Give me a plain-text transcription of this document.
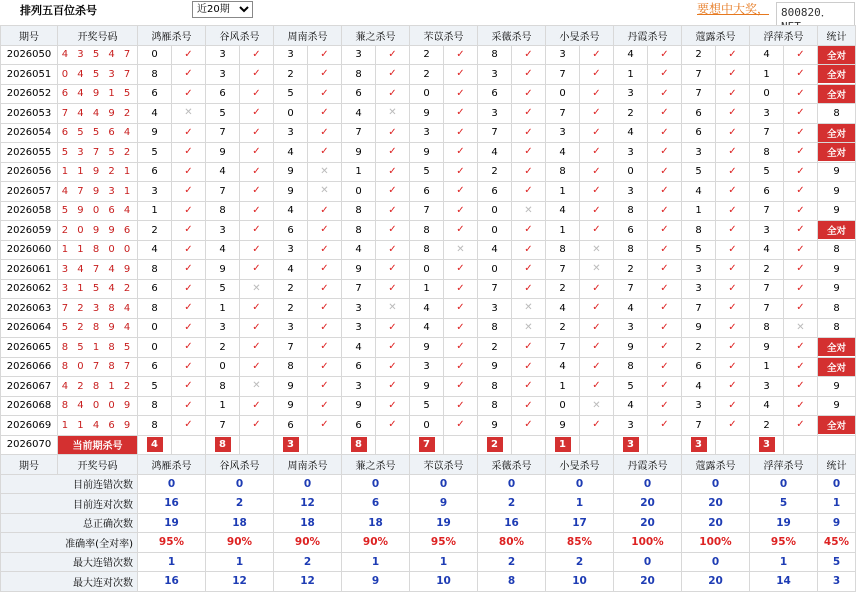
排列五百位杀号
近20期	要想中大奖，	800820．
期号	开奖号码	鸿雁杀号		谷风杀号		周南杀号		蒹之杀号		芣苡杀号		采薇杀号		小旻杀号		丹霞杀号		蔻露杀号		浮萍杀号		统计
2026050	4 3 5 4 7	0	✓	3	✓	3	✓	3	✓	2	✓	8	✓	3	✓	4	✓	2	✓	4	✓	全对
2026051	0 4 5 3 7	8	✓	3	✓	2	✓	8	✓	2	✓	3	✓	7	✓	1	✓	7	✓	1	✓	全对
2026052	6 4 9 1 5	6	✓	6	✓	5	✓	6	✓	0	✓	6	✓	0	✓	3	✓	7	✓	0	✓	全对
2026053	7 4 4 9 2	4	✕	5	✓	0	✓	4	✕	9	✓	3	✓	7	✓	2	✓	6	✓	3	✓	8
2026054	6 5 5 6 4	9	✓	7	✓	3	✓	7	✓	3	✓	7	✓	3	✓	4	✓	6	✓	7	✓	全对
2026055	5 3 7 5 2	5	✓	9	✓	4	✓	9	✓	9	✓	4	✓	4	✓	3	✓	3	✓	8	✓	全对
2026056	1 1 9 2 1	6	✓	4	✓	9	✕	1	✓	5	✓	2	✓	8	✓	0	✓	5	✓	5	✓	9
2026057	4 7 9 3 1	3	✓	7	✓	9	✕	0	✓	6	✓	6	✓	1	✓	3	✓	4	✓	6	✓	9
2026058	5 9 0 6 4	1	✓	8	✓	4	✓	8	✓	7	✓	0	✕	4	✓	8	✓	1	✓	7	✓	9
2026059	2 0 9 9 6	2	✓	3	✓	6	✓	8	✓	8	✓	0	✓	1	✓	6	✓	8	✓	3	✓	全对
2026060	1 1 8 0 0	4	✓	4	✓	3	✓	4	✓	8	✕	4	✓	8	✕	8	✓	5	✓	4	✓	8
2026061	3 4 7 4 9	8	✓	9	✓	4	✓	9	✓	0	✓	0	✓	7	✕	2	✓	3	✓	2	✓	9
2026062	3 1 5 4 2	6	✓	5	✕	2	✓	7	✓	1	✓	7	✓	2	✓	7	✓	3	✓	7	✓	9
2026063	7 2 3 8 4	8	✓	1	✓	2	✓	3	✕	4	✓	3	✕	4	✓	4	✓	7	✓	7	✓	8
2026064	5 2 8 9 4	0	✓	3	✓	3	✓	3	✓	4	✓	8	✕	2	✓	3	✓	9	✓	8	✕	8
2026065	8 5 1 8 5	0	✓	2	✓	7	✓	4	✓	9	✓	2	✓	7	✓	9	✓	2	✓	9	✓	全对
2026066	8 0 7 8 7	6	✓	0	✓	8	✓	6	✓	3	✓	9	✓	4	✓	8	✓	6	✓	1	✓	全对
2026067	4 2 8 1 2	5	✓	8	✕	9	✓	3	✓	9	✓	8	✓	1	✓	5	✓	4	✓	3	✓	9
2026068	8 4 0 0 9	8	✓	1	✓	9	✓	9	✓	5	✓	8	✓	0	✕	4	✓	3	✓	4	✓	9
2026069	1 1 4 6 9	8	✓	7	✓	6	✓	6	✓	0	✓	9	✓	9	✓	3	✓	7	✓	2	✓	全对
2026070	当前期杀号	4		8		3		8		7		2		1		3		3		3		
期号	开奖号码	鸿雁杀号		谷风杀号		周南杀号		蒹之杀号		芣苡杀号		采薇杀号		小旻杀号		丹霞杀号		蔻露杀号		浮萍杀号		统计
目前连错次数		0		0		0		0		0		0		0		0		0		0		0
目前连对次数		16		2		12		6		9		2		1		20		20		5		1
总正确次数		19		18		18		18		19		16		17		20		20		19		9
准确率(全对率)		95%		90%		90%		90%		95%		80%		85%		100%		100%		95%		45%
最大连错次数		1		1		2		1		1		2		2		0		0		1		5
最大连对次数		16		12		12		9		10		8		10		20		20		14		3
